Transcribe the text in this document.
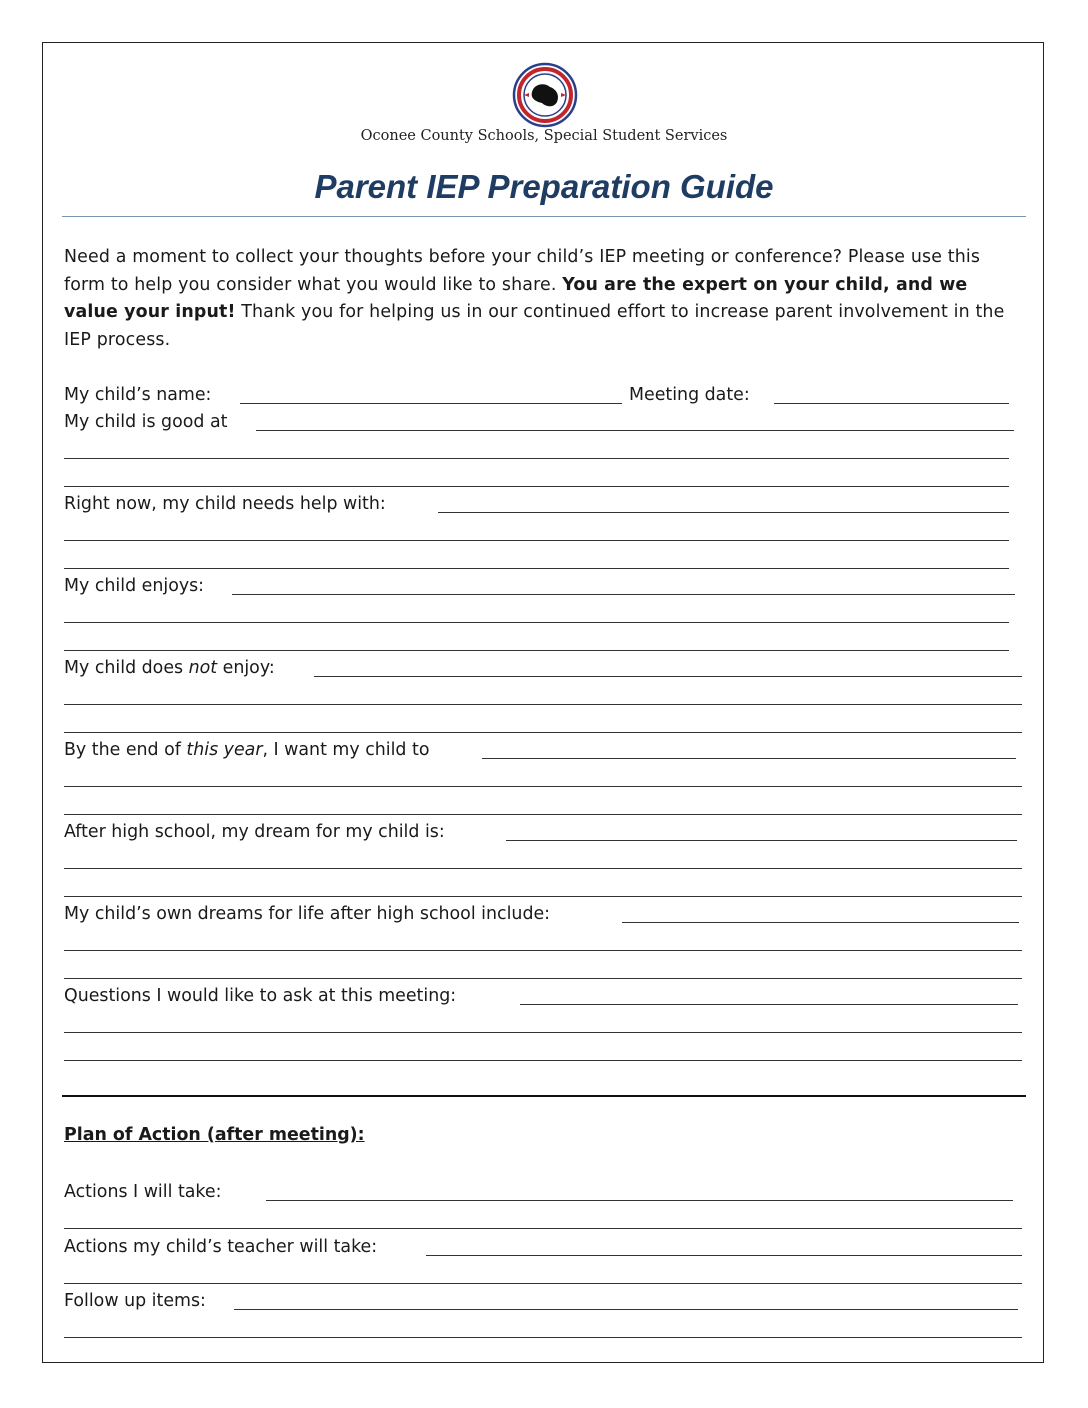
Oconee County Schools, Special Student Services
Parent IEP Preparation Guide
Need a moment to collect your thoughts before your child’s IEP meeting or conference? Please use this form to help you consider what you would like to share. You are the expert on your child, and we value your input! Thank you for helping us in our continued effort to increase parent involvement in the IEP process.
My child’s name:	Meeting date:
My child is good at
Right now, my child needs help with:
My child enjoys:
My child does not enjoy:
By the end of this year, I want my child to
After high school, my dream for my child is:
My child’s own dreams for life after high school include:
Questions I would like to ask at this meeting:
Plan of Action (after meeting):
Actions I will take:
Actions my child’s teacher will take:
Follow up items:
